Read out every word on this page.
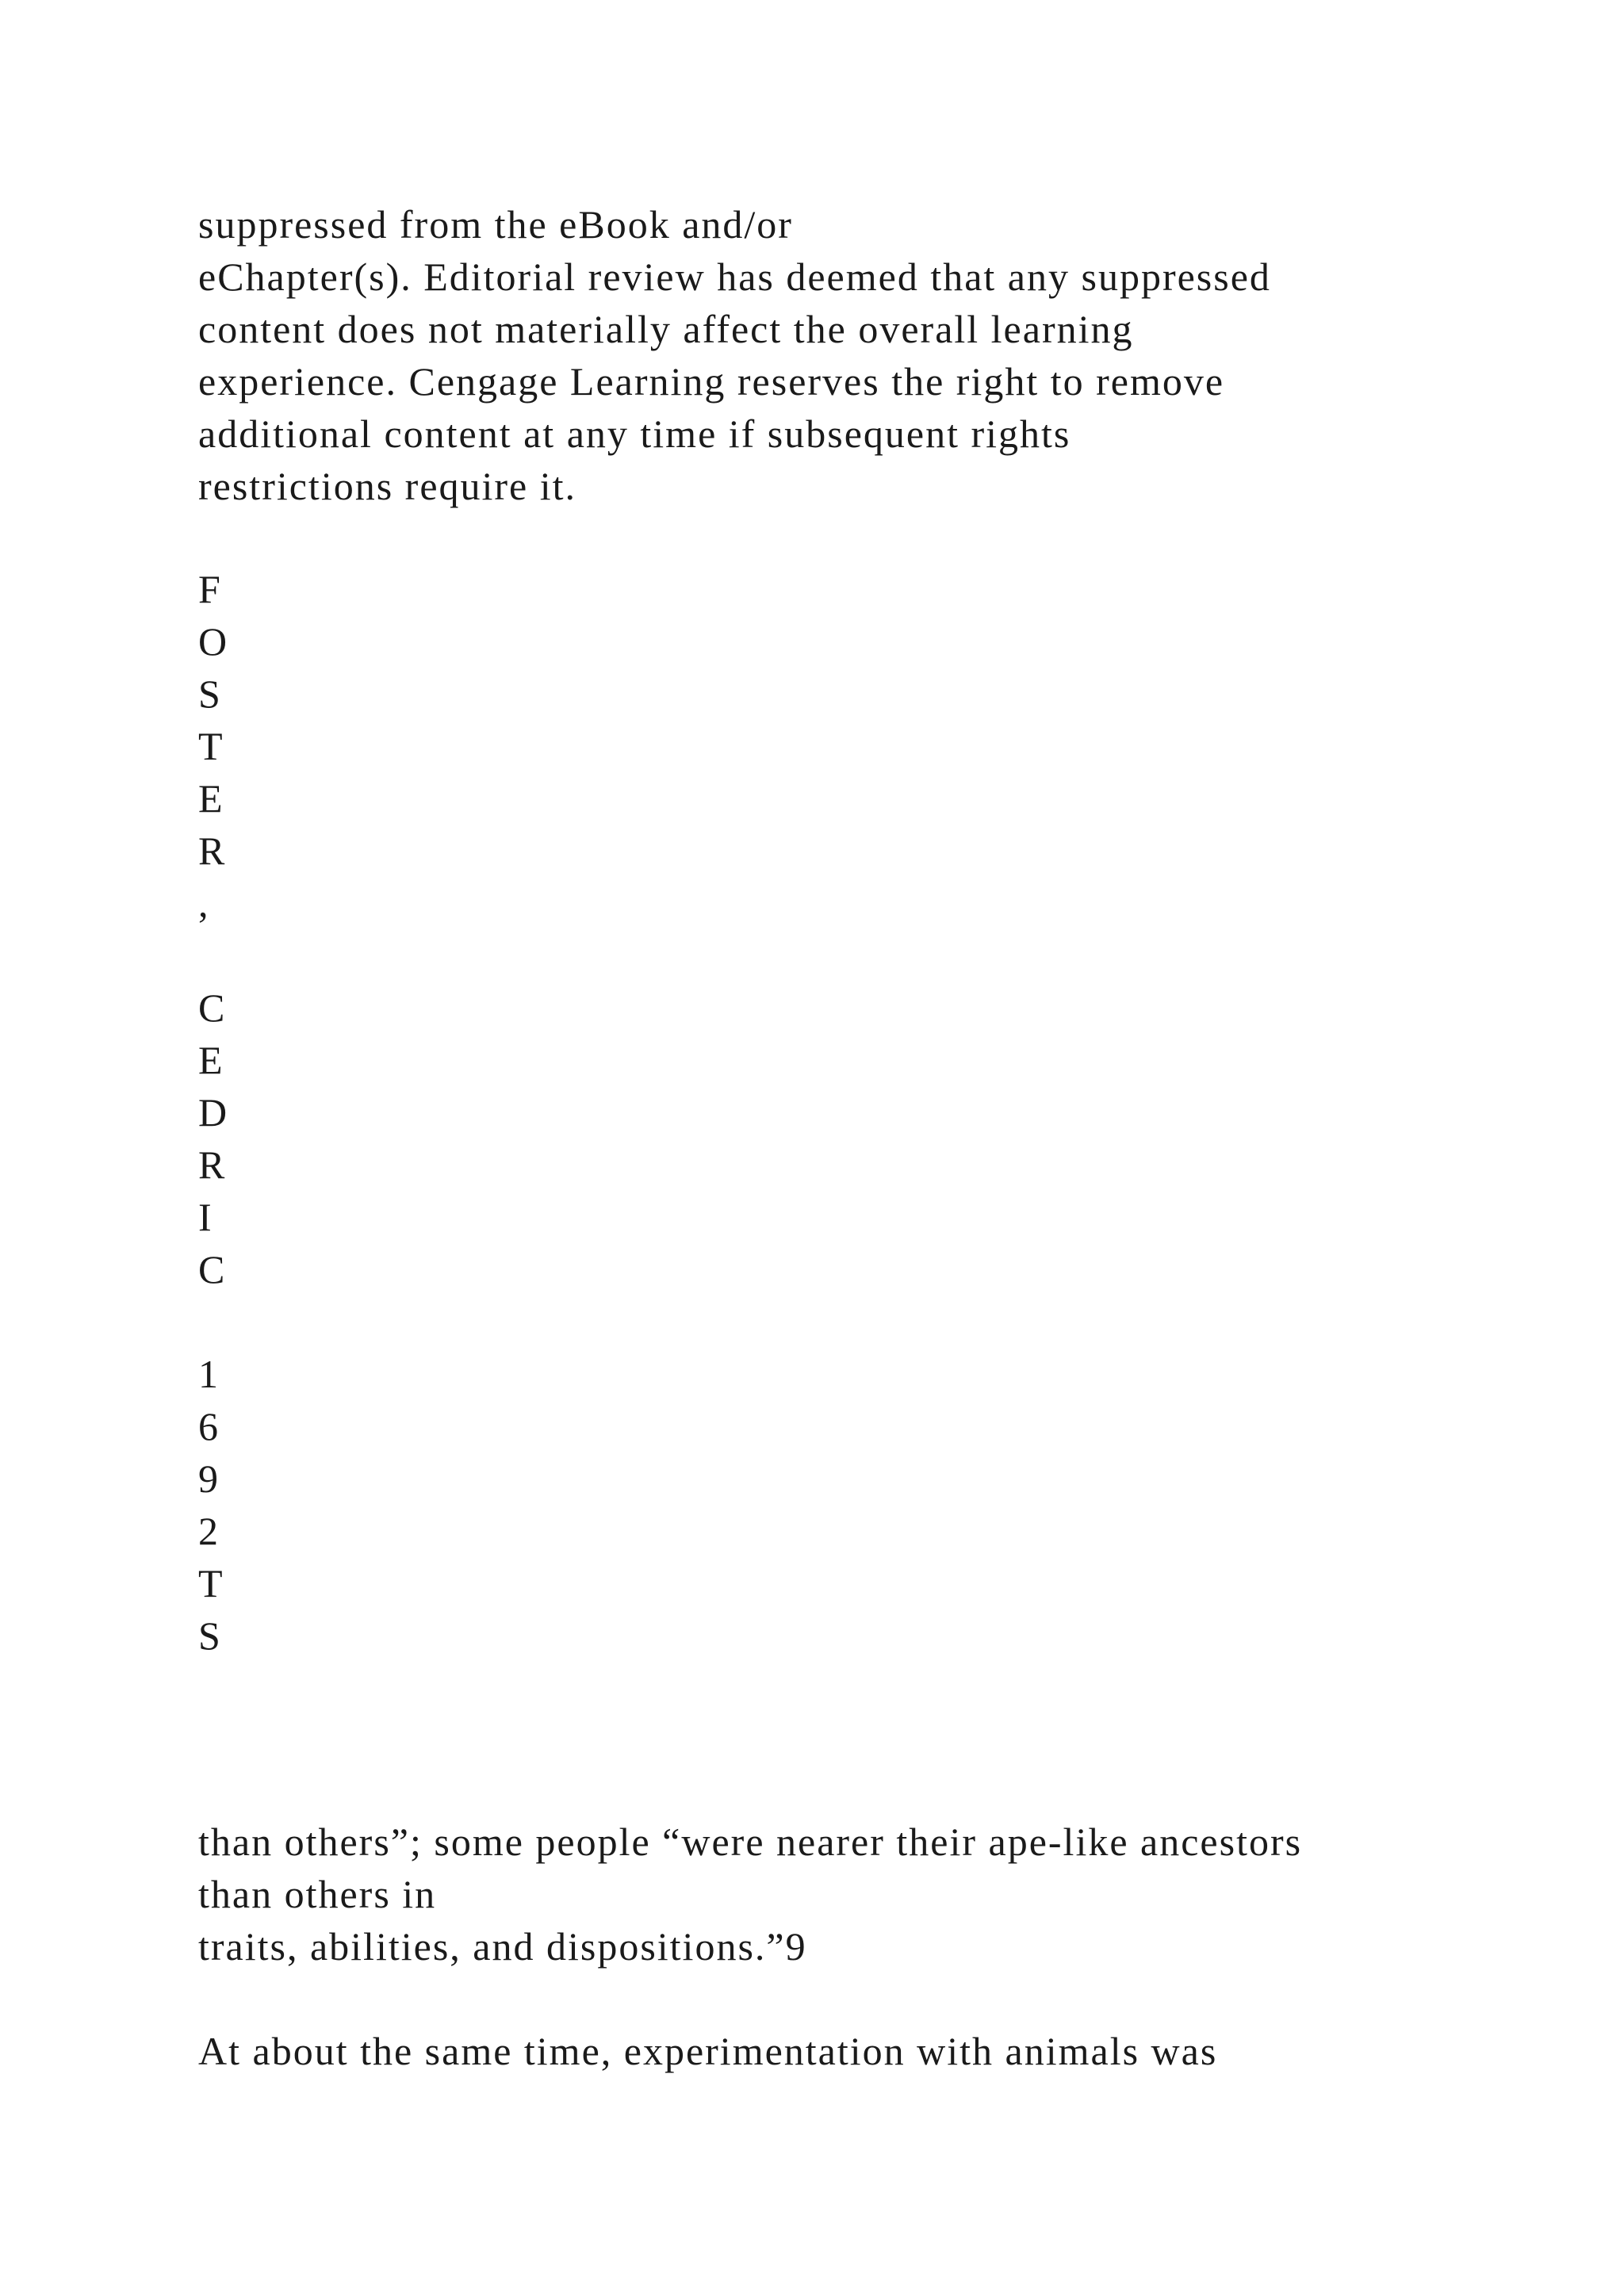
suppressed from the eBook and/or
eChapter(s). Editorial review has deemed that any suppressed
content does not materially affect the overall learning
experience. Cengage Learning reserves the right to remove
additional content at any time if subsequent rights
restrictions require it.
F
O
S
T
E
R
,
C
E
D
R
I
C
1
6
9
2
T
S
than others”; some people “were nearer their ape-like ancestors
than others in
traits, abilities, and dispositions.”9
At about the same time, experimentation with animals was
